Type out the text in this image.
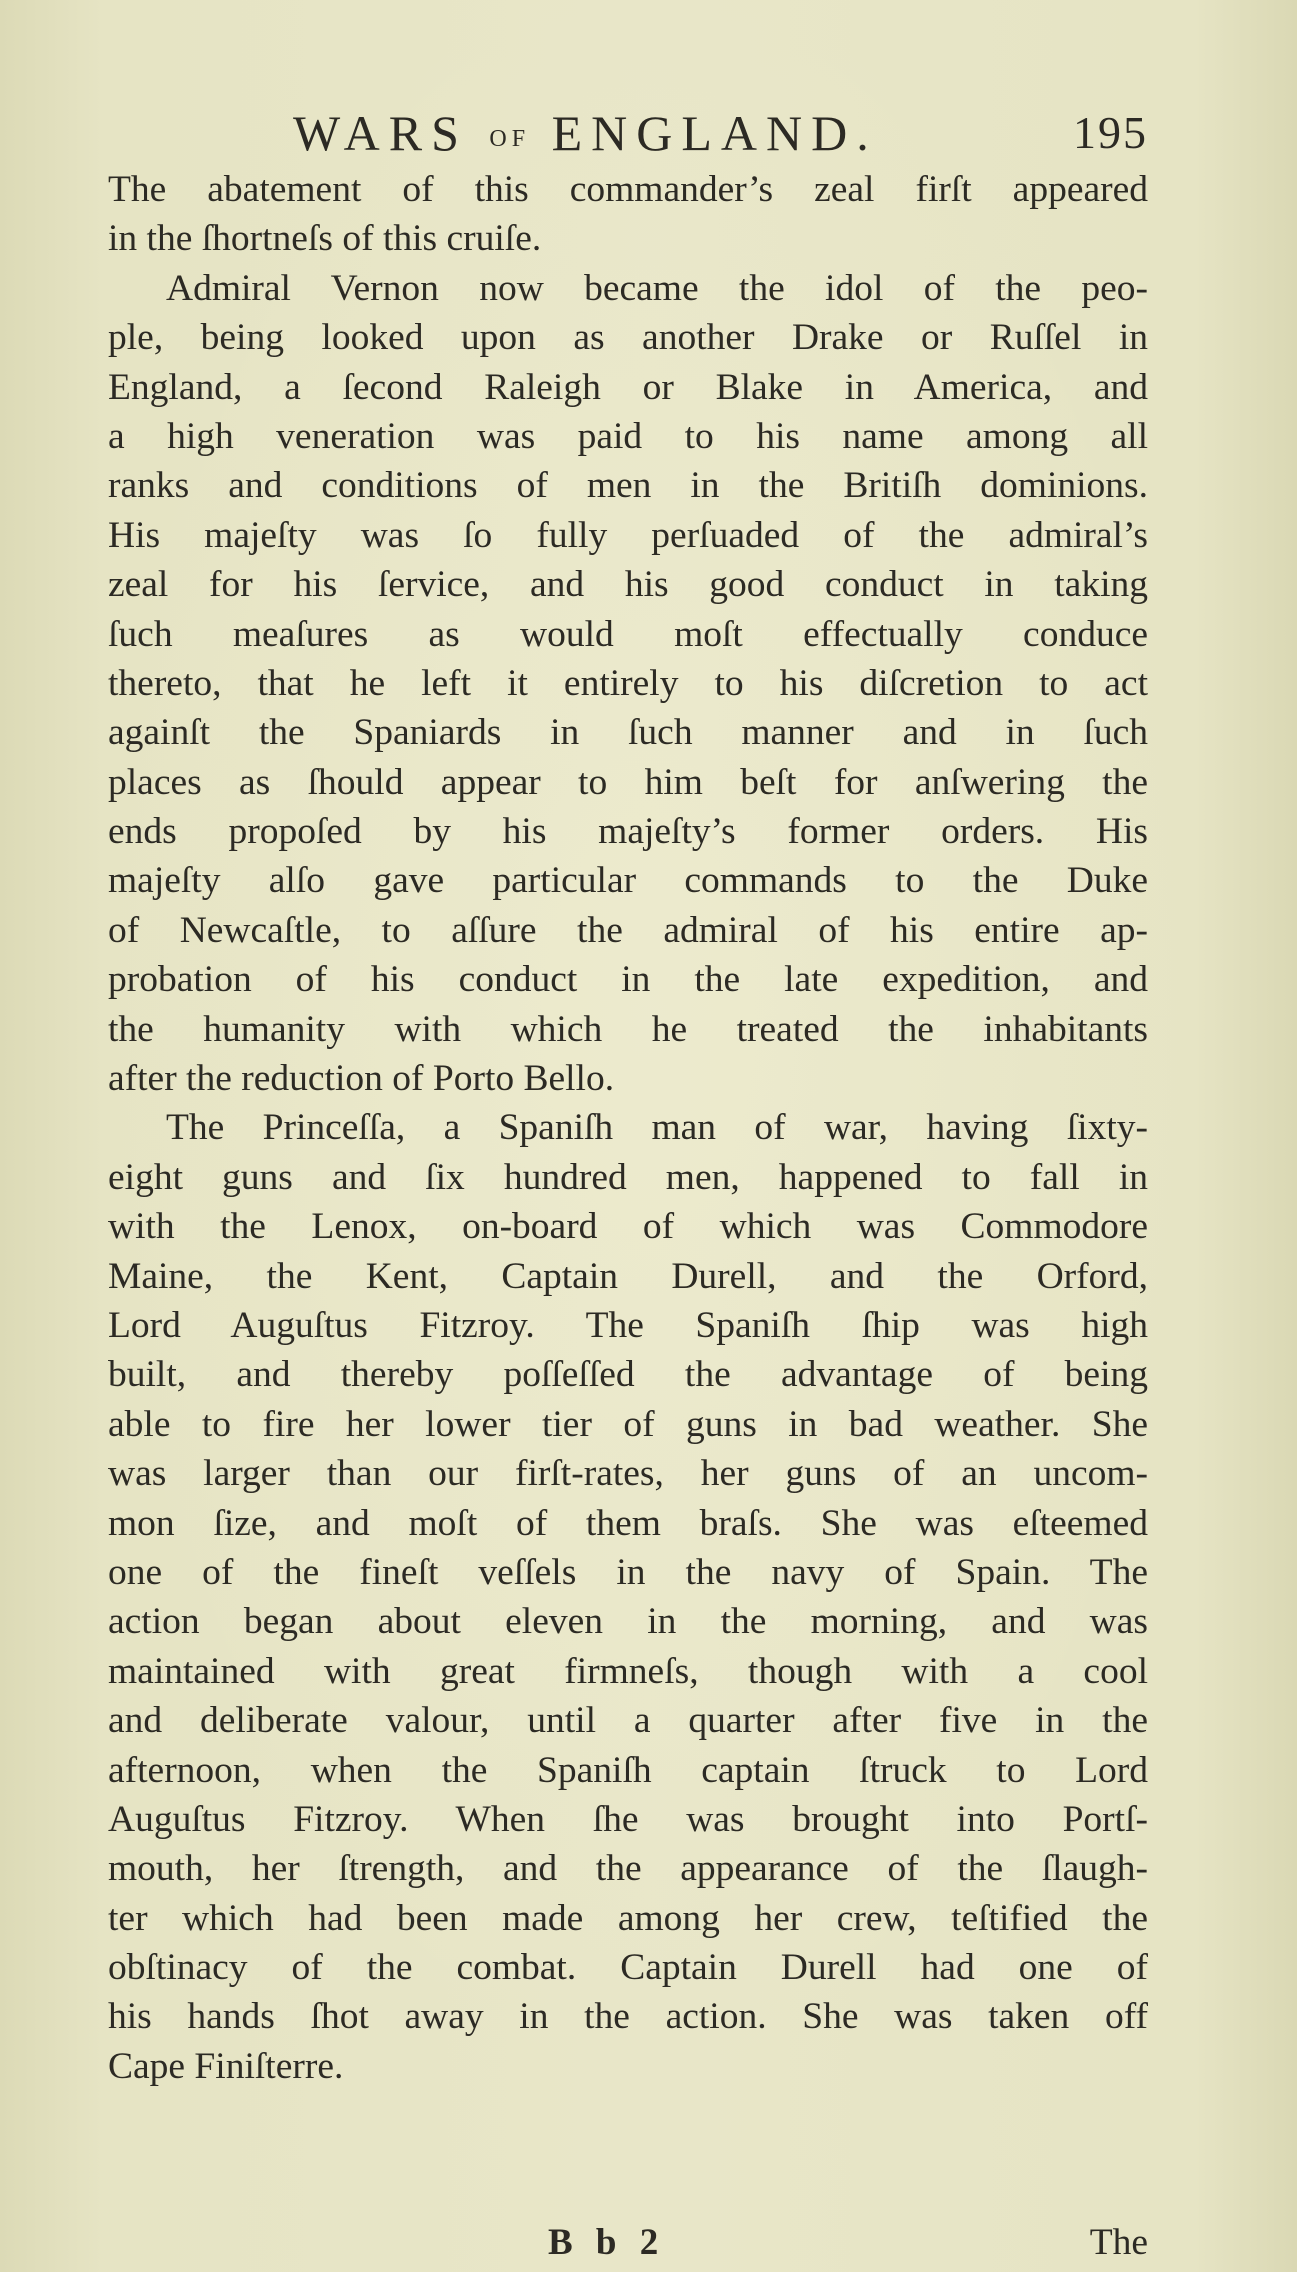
WARS OF ENGLAND.	195
The abatement of this commander’s zeal firſt appeared
in the ſhortneſs of this cruiſe.
Admiral Vernon now became the idol of the peo-
ple, being looked upon as another Drake or Ruſſel in
England, a ſecond Raleigh or Blake in America, and
a high veneration was paid to his name among all
ranks and conditions of men in the Britiſh dominions.
His majeſty was ſo fully perſuaded of the admiral’s
zeal for his ſervice, and his good conduct in taking
ſuch meaſures as would moſt effectually conduce
thereto, that he left it entirely to his diſcretion to act
againſt the Spaniards in ſuch manner and in ſuch
places as ſhould appear to him beſt for anſwering the
ends propoſed by his majeſty’s former orders. His
majeſty alſo gave particular commands to the Duke
of Newcaſtle, to aſſure the admiral of his entire ap-
probation of his conduct in the late expedition, and
the humanity with which he treated the inhabitants
after the reduction of Porto Bello.
The Princeſſa, a Spaniſh man of war, having ſixty-
eight guns and ſix hundred men, happened to fall in
with the Lenox, on-board of which was Commodore
Maine, the Kent, Captain Durell, and the Orford,
Lord Auguſtus Fitzroy. The Spaniſh ſhip was high
built, and thereby poſſeſſed the advantage of being
able to fire her lower tier of guns in bad weather. She
was larger than our firſt-rates, her guns of an uncom-
mon ſize, and moſt of them braſs. She was eſteemed
one of the fineſt veſſels in the navy of Spain. The
action began about eleven in the morning, and was
maintained with great firmneſs, though with a cool
and deliberate valour, until a quarter after five in the
afternoon, when the Spaniſh captain ſtruck to Lord
Auguſtus Fitzroy. When ſhe was brought into Portſ-
mouth, her ſtrength, and the appearance of the ſlaugh-
ter which had been made among her crew, teſtified the
obſtinacy of the combat. Captain Durell had one of
his hands ſhot away in the action. She was taken off
Cape Finiſterre.
B b 2	The
